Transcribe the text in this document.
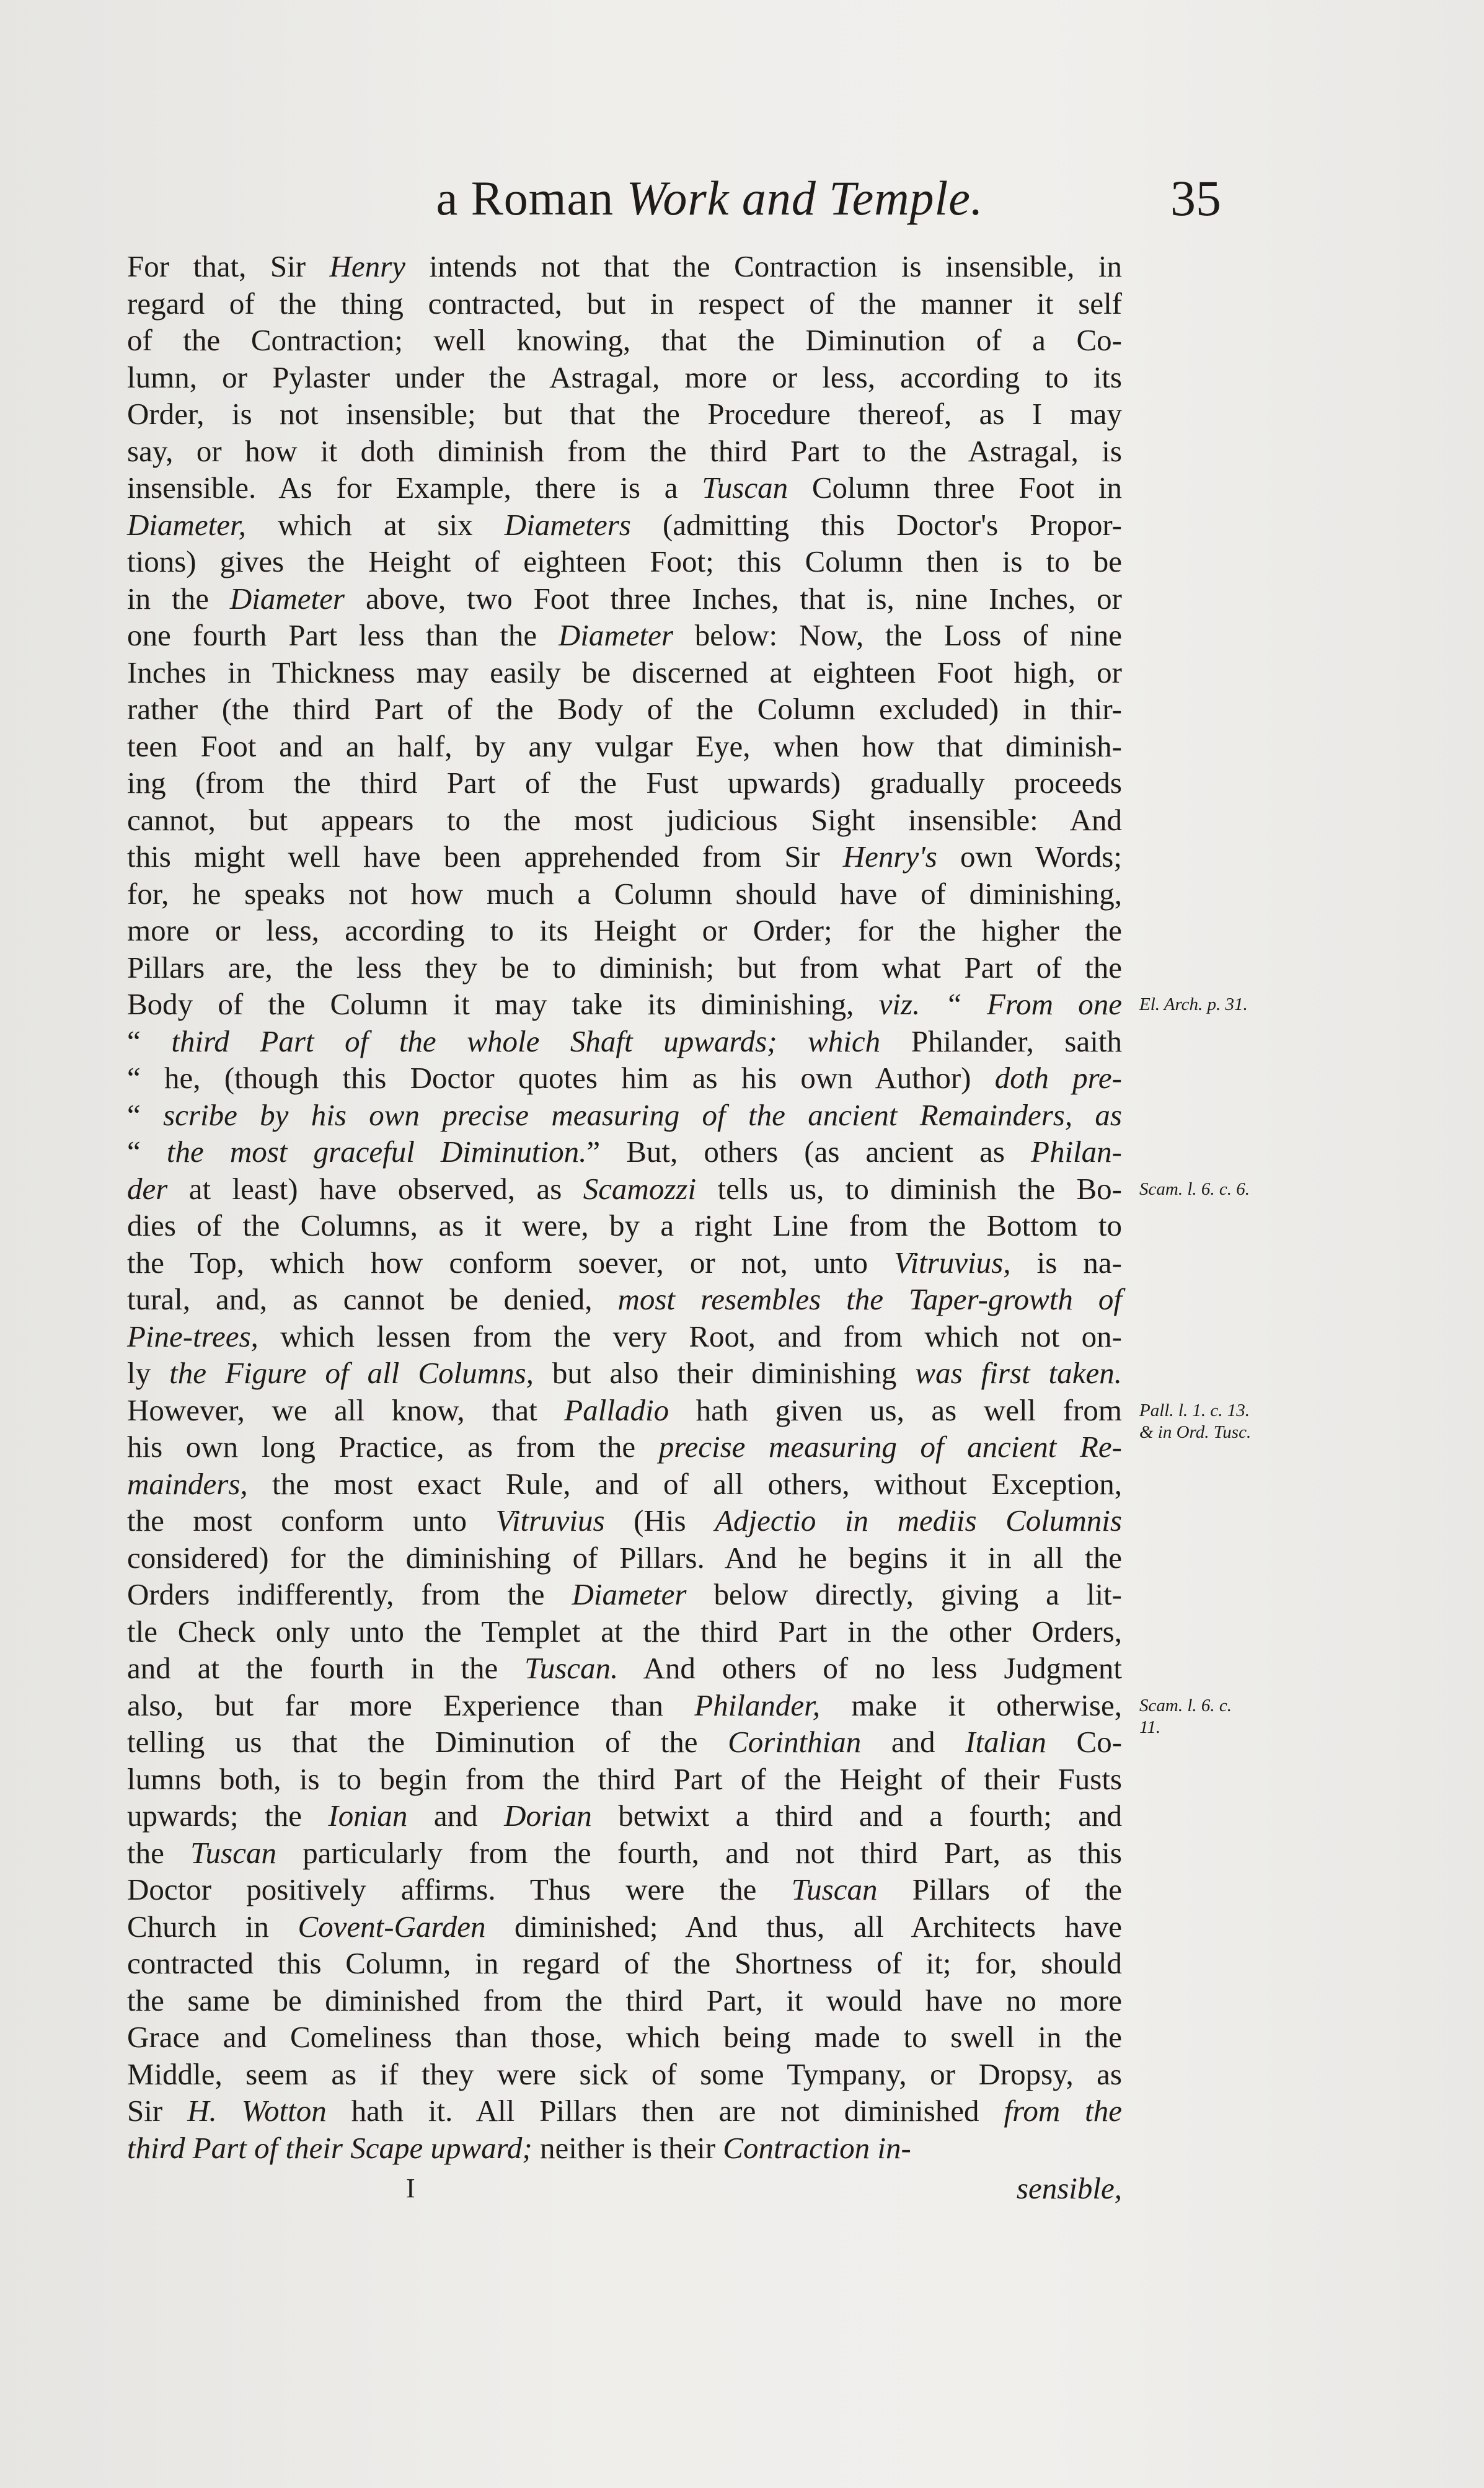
a Roman Work and Temple.	35
For that, Sir Henry intends not that the Contraction is insensible, in
regard of the thing contracted, but in respect of the manner it self
of the Contraction; well knowing, that the Diminution of a Co-
lumn, or Pylaster under the Astragal, more or less, according to its
Order, is not insensible; but that the Procedure thereof, as I may
say, or how it doth diminish from the third Part to the Astragal, is
insensible. As for Example, there is a Tuscan Column three Foot in
Diameter, which at six Diameters (admitting this Doctor's Propor-
tions) gives the Height of eighteen Foot; this Column then is to be
in the Diameter above, two Foot three Inches, that is, nine Inches, or
one fourth Part less than the Diameter below: Now, the Loss of nine
Inches in Thickness may easily be discerned at eighteen Foot high, or
rather (the third Part of the Body of the Column excluded) in thir-
teen Foot and an half, by any vulgar Eye, when how that diminish-
ing (from the third Part of the Fust upwards) gradually proceeds
cannot, but appears to the most judicious Sight insensible: And
this might well have been apprehended from Sir Henry's own Words;
for, he speaks not how much a Column should have of diminishing,
more or less, according to its Height or Order; for the higher the
Pillars are, the less they be to diminish; but from what Part of the
Body of the Column it may take its diminishing, viz. “ From one
“ third Part of the whole Shaft upwards; which Philander, saith
“ he, (though this Doctor quotes him as his own Author) doth pre-
“ scribe by his own precise measuring of the ancient Remainders, as
“ the most graceful Diminution.” But, others (as ancient as Philan-
der at least) have observed, as Scamozzi tells us, to diminish the Bo-
dies of the Columns, as it were, by a right Line from the Bottom to
the Top, which how conform soever, or not, unto Vitruvius, is na-
tural, and, as cannot be denied, most resembles the Taper-growth of
Pine-trees, which lessen from the very Root, and from which not on-
ly the Figure of all Columns, but also their diminishing was first taken.
However, we all know, that Palladio hath given us, as well from
his own long Practice, as from the precise measuring of ancient Re-
mainders, the most exact Rule, and of all others, without Exception,
the most conform unto Vitruvius (His Adjectio in mediis Columnis
considered) for the diminishing of Pillars. And he begins it in all the
Orders indifferently, from the Diameter below directly, giving a lit-
tle Check only unto the Templet at the third Part in the other Orders,
and at the fourth in the Tuscan. And others of no less Judgment
also, but far more Experience than Philander, make it otherwise,
telling us that the Diminution of the Corinthian and Italian Co-
lumns both, is to begin from the third Part of the Height of their Fusts
upwards; the Ionian and Dorian betwixt a third and a fourth; and
the Tuscan particularly from the fourth, and not third Part, as this
Doctor positively affirms. Thus were the Tuscan Pillars of the
Church in Covent-Garden diminished; And thus, all Architects have
contracted this Column, in regard of the Shortness of it; for, should
the same be diminished from the third Part, it would have no more
Grace and Comeliness than those, which being made to swell in the
Middle, seem as if they were sick of some Tympany, or Dropsy, as
Sir H. Wotton hath it. All Pillars then are not diminished from the
third Part of their Scape upward; neither is their Contraction in-
El. Arch. p. 31.
Scam. l. 6. c. 6.
Pall. l. 1. c. 13.
& in Ord. Tusc.
Scam. l. 6. c.
11.
I	sensible,
